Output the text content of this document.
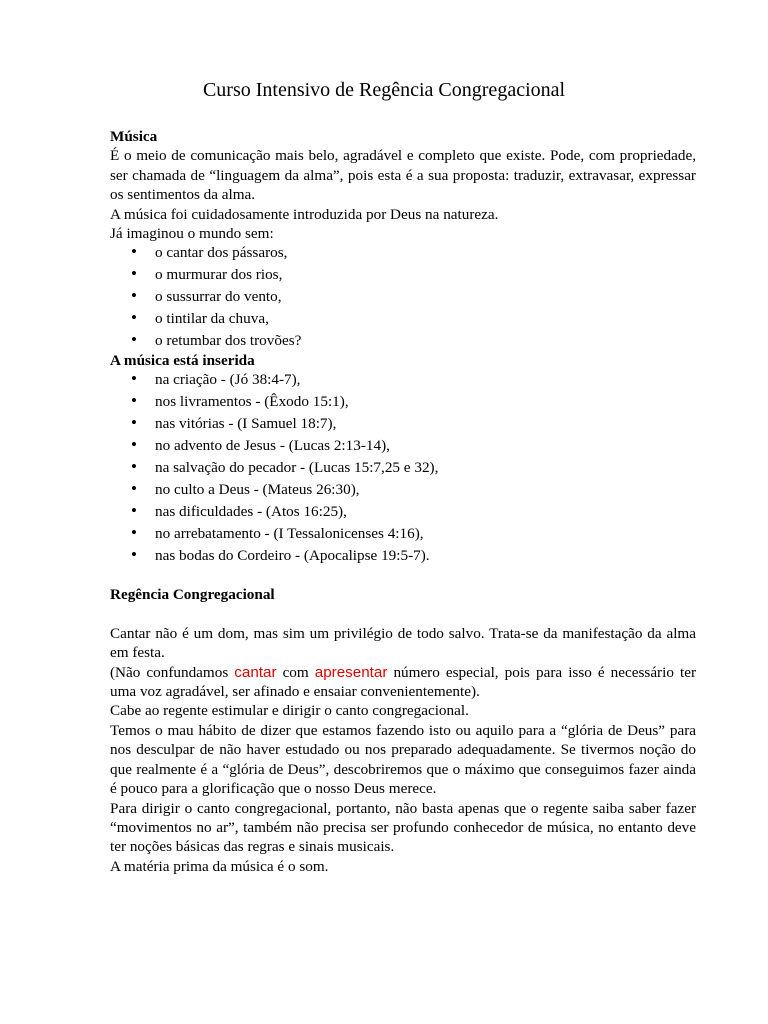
Curso Intensivo de Regência Congregacional

Música

É o meio de comunicação mais belo, agradável e completo que existe. Pode, com propriedade, ser chamada de “linguagem da alma”, pois esta é a sua proposta: traduzir, extravasar, expressar os sentimentos da alma.

A música foi cuidadosamente introduzida por Deus na natureza.

Já imaginou o mundo sem:

• o cantar dos pássaros,
• o murmurar dos rios,
• o sussurrar do vento,
• o tintilar da chuva,
• o retumbar dos trovões?

A música está inserida

• na criação - (Jó 38:4-7),
• nos livramentos - (Êxodo 15:1),
• nas vitórias - (I Samuel 18:7),
• no advento de Jesus - (Lucas 2:13-14),
• na salvação do pecador - (Lucas 15:7,25 e 32),
• no culto a Deus - (Mateus 26:30),
• nas dificuldades - (Atos 16:25),
• no arrebatamento - (I Tessalonicenses 4:16),
• nas bodas do Cordeiro - (Apocalipse 19:5-7).

Regência Congregacional

Cantar não é um dom, mas sim um privilégio de todo salvo. Trata-se da manifestação da alma em festa.

(Não confundamos cantar com apresentar número especial, pois para isso é necessário ter uma voz agradável, ser afinado e ensaiar convenientemente).

Cabe ao regente estimular e dirigir o canto congregacional.

Temos o mau hábito de dizer que estamos fazendo isto ou aquilo para a “glória de Deus” para nos desculpar de não haver estudado ou nos preparado adequadamente. Se tivermos noção do que realmente é a “glória de Deus”, descobriremos que o máximo que conseguimos fazer ainda é pouco para a glorificação que o nosso Deus merece.

Para dirigir o canto congregacional, portanto, não basta apenas que o regente saiba saber fazer “movimentos no ar”, também não precisa ser profundo conhecedor de música, no entanto deve ter noções básicas das regras e sinais musicais.

A matéria prima da música é o som.
